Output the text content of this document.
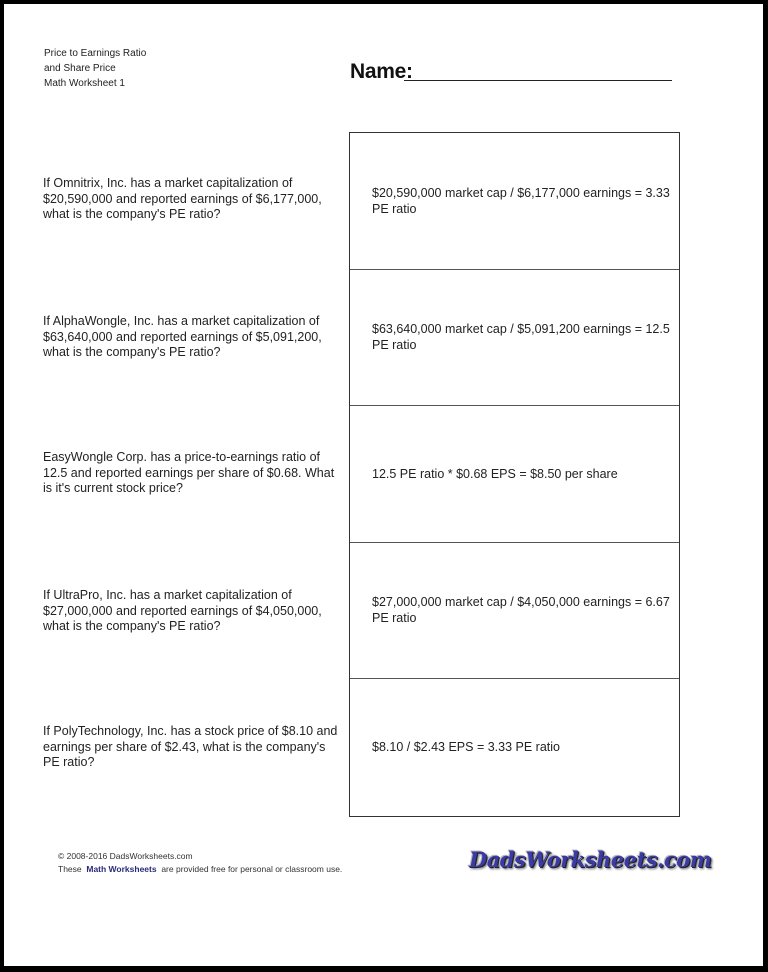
Price to Earnings Ratio
and Share Price
Math Worksheet 1
Name:
If Omnitrix, Inc. has a market capitalization of $20,590,000 and reported earnings of $6,177,000, what is the company's PE ratio?
If AlphaWongle, Inc. has a market capitalization of $63,640,000 and reported earnings of $5,091,200, what is the company's PE ratio?
EasyWongle Corp. has a price-to-earnings ratio of 12.5 and reported earnings per share of $0.68. What is it's current stock price?
If UltraPro, Inc. has a market capitalization of $27,000,000 and reported earnings of $4,050,000, what is the company's PE ratio?
If PolyTechnology, Inc. has a stock price of $8.10 and earnings per share of $2.43, what is the company's PE ratio?
$20,590,000 market cap / $6,177,000 earnings = 3.33 PE ratio
$63,640,000 market cap / $5,091,200 earnings = 12.5 PE ratio
12.5 PE ratio * $0.68 EPS = $8.50 per share
$27,000,000 market cap / $4,050,000 earnings = 6.67 PE ratio
$8.10 / $2.43 EPS = 3.33 PE ratio
© 2008-2016 DadsWorksheets.com
These Math Worksheets are provided free for personal or classroom use.	DadsWorksheets.com
